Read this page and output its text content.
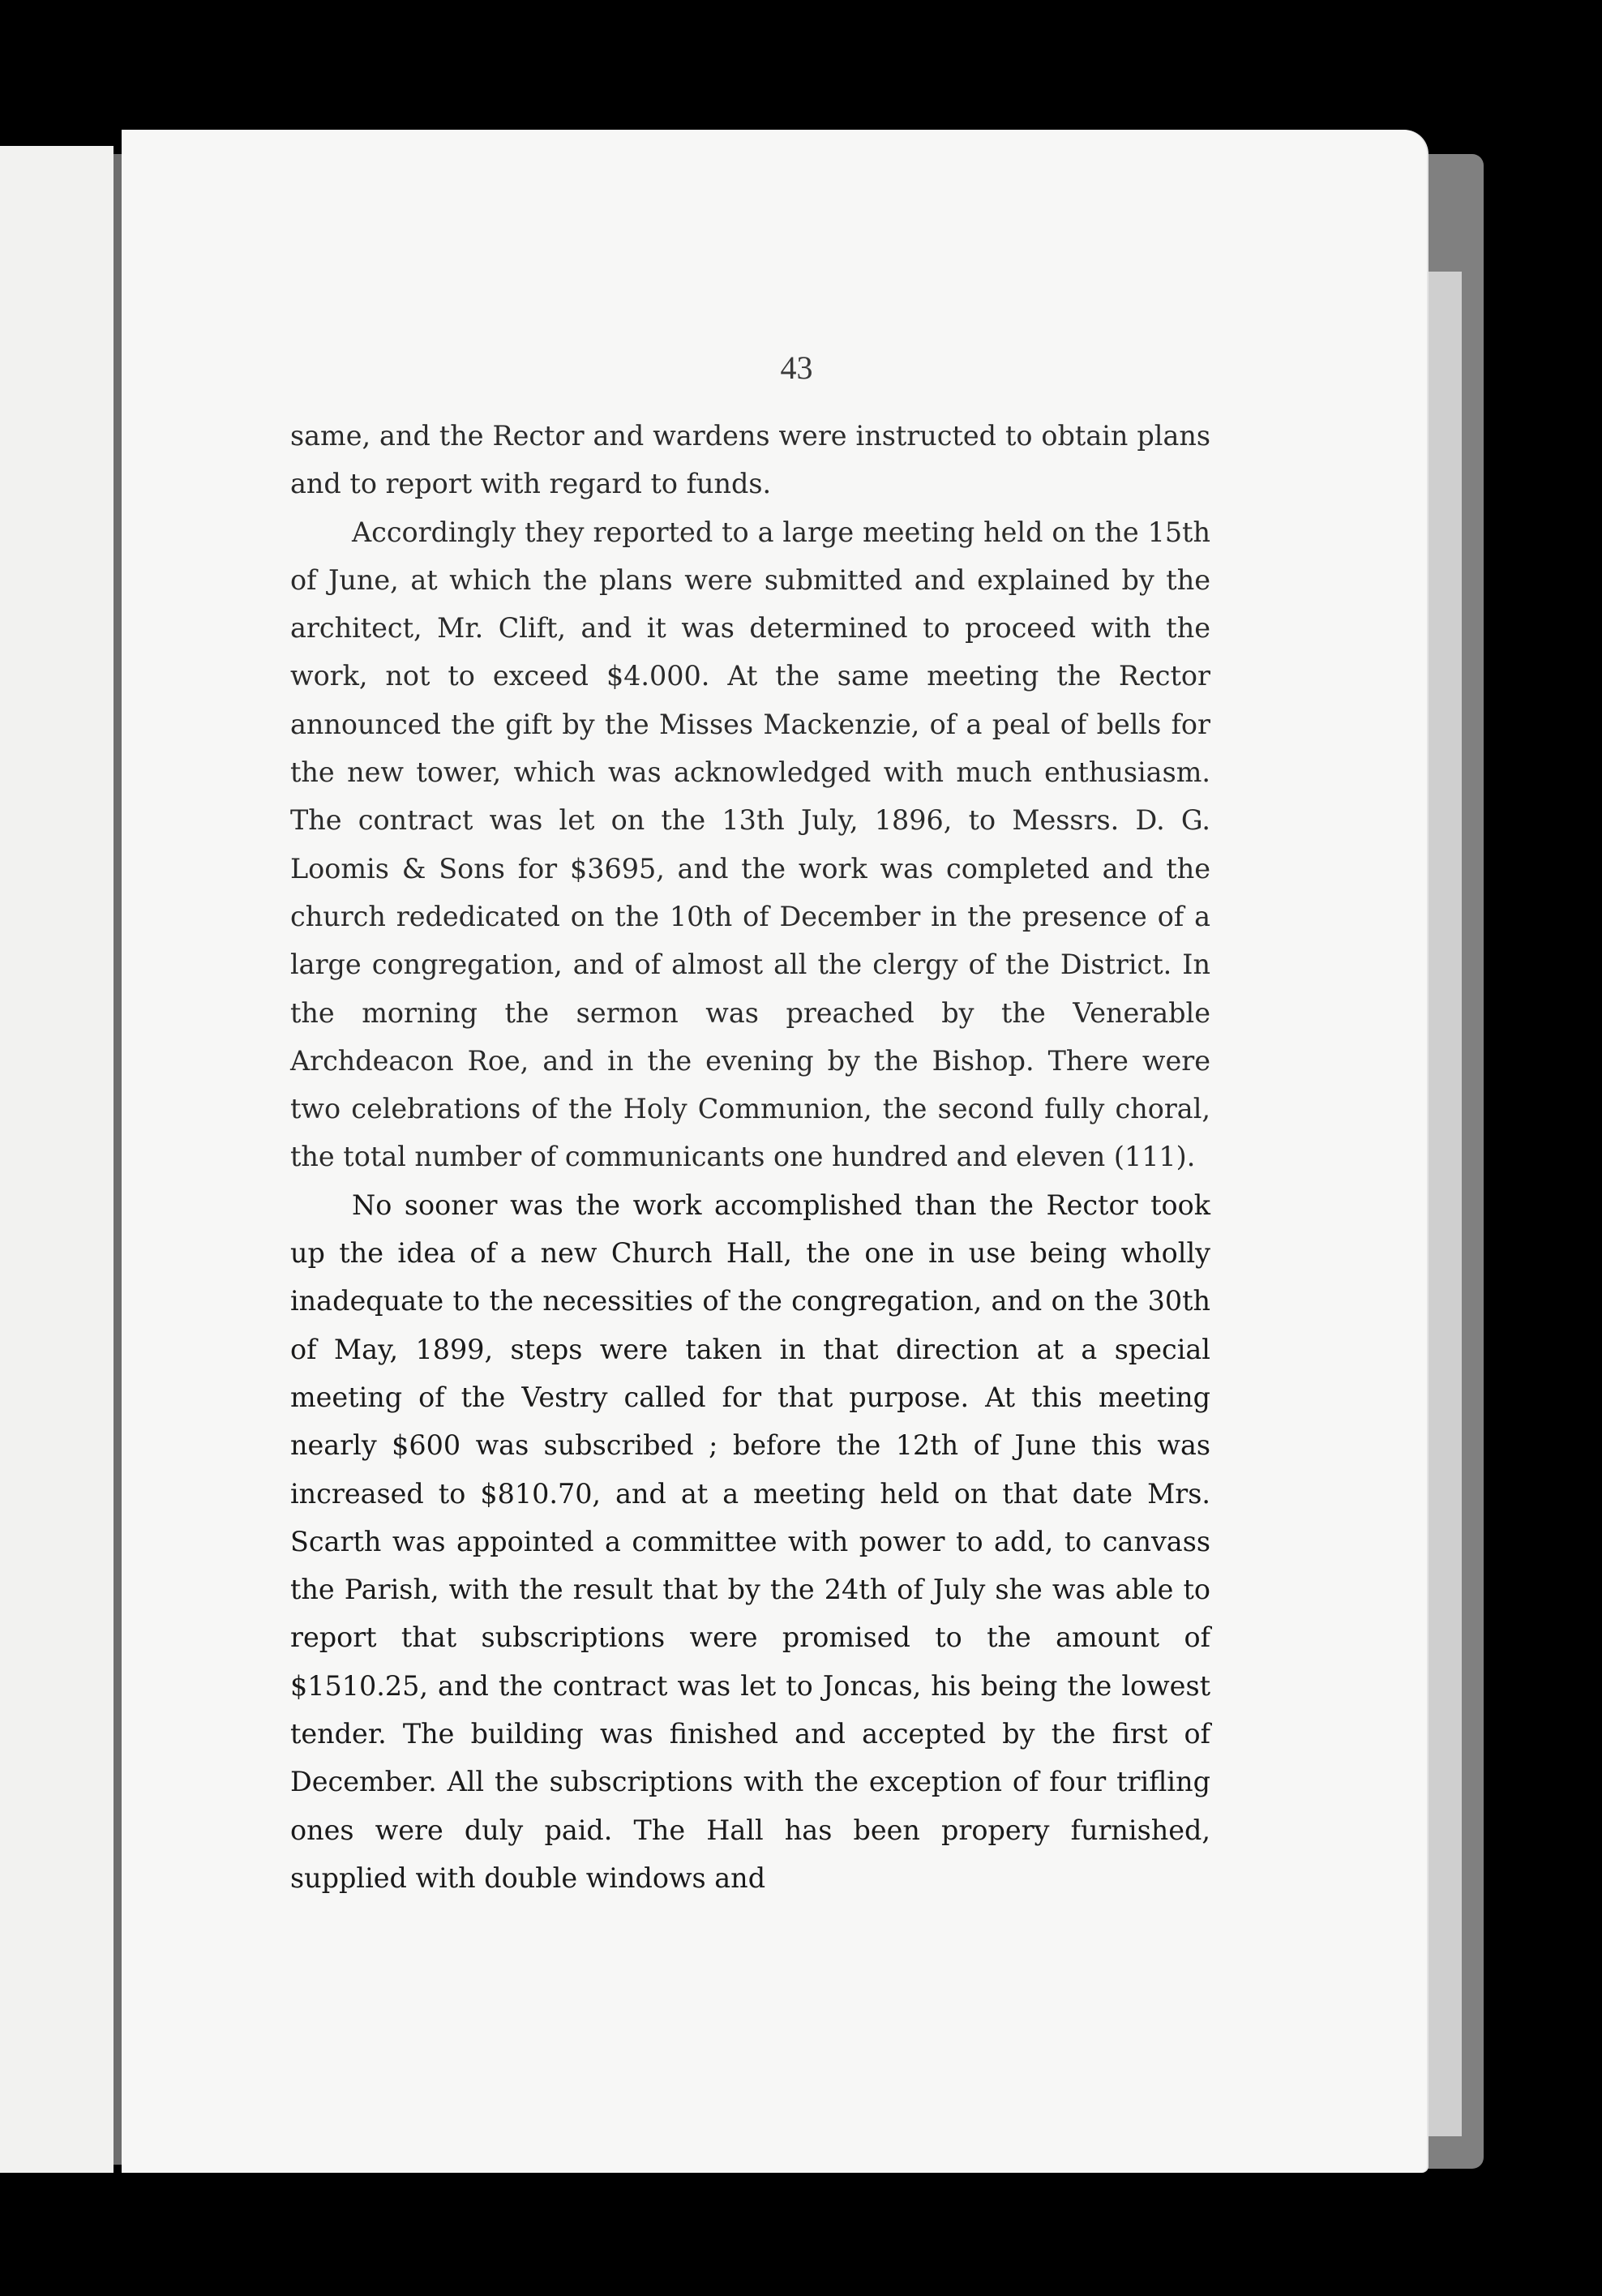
43

same, and the Rector and wardens were instructed to obtain plans and to report with regard to funds.

Accordingly they reported to a large meeting held on the 15th of June, at which the plans were submitted and explained by the architect, Mr. Clift, and it was determined to proceed with the work, not to exceed $4.000. At the same meeting the Rector announced the gift by the Misses Mackenzie, of a peal of bells for the new tower, which was acknowledged with much enthusiasm. The contract was let on the 13th July, 1896, to Messrs. D. G. Loomis & Sons for $3695, and the work was completed and the church rededicated on the 10th of December in the presence of a large congregation, and of almost all the clergy of the District. In the morning the sermon was preached by the Venerable Archdeacon Roe, and in the evening by the Bishop. There were two celebrations of the Holy Communion, the second fully choral, the total number of communicants one hundred and eleven (111).

No sooner was the work accomplished than the Rector took up the idea of a new Church Hall, the one in use being wholly inadequate to the necessities of the congregation, and on the 30th of May, 1899, steps were taken in that direction at a special meeting of the Vestry called for that purpose. At this meeting nearly $600 was subscribed ; before the 12th of June this was increased to $810.70, and at a meeting held on that date Mrs. Scarth was appointed a committee with power to add, to canvass the Parish, with the result that by the 24th of July she was able to report that subscriptions were promised to the amount of $1510.25, and the contract was let to Joncas, his being the lowest tender. The building was finished and accepted by the first of December. All the subscriptions with the exception of four trifling ones were duly paid. The Hall has been propery furnished, supplied with double windows and
